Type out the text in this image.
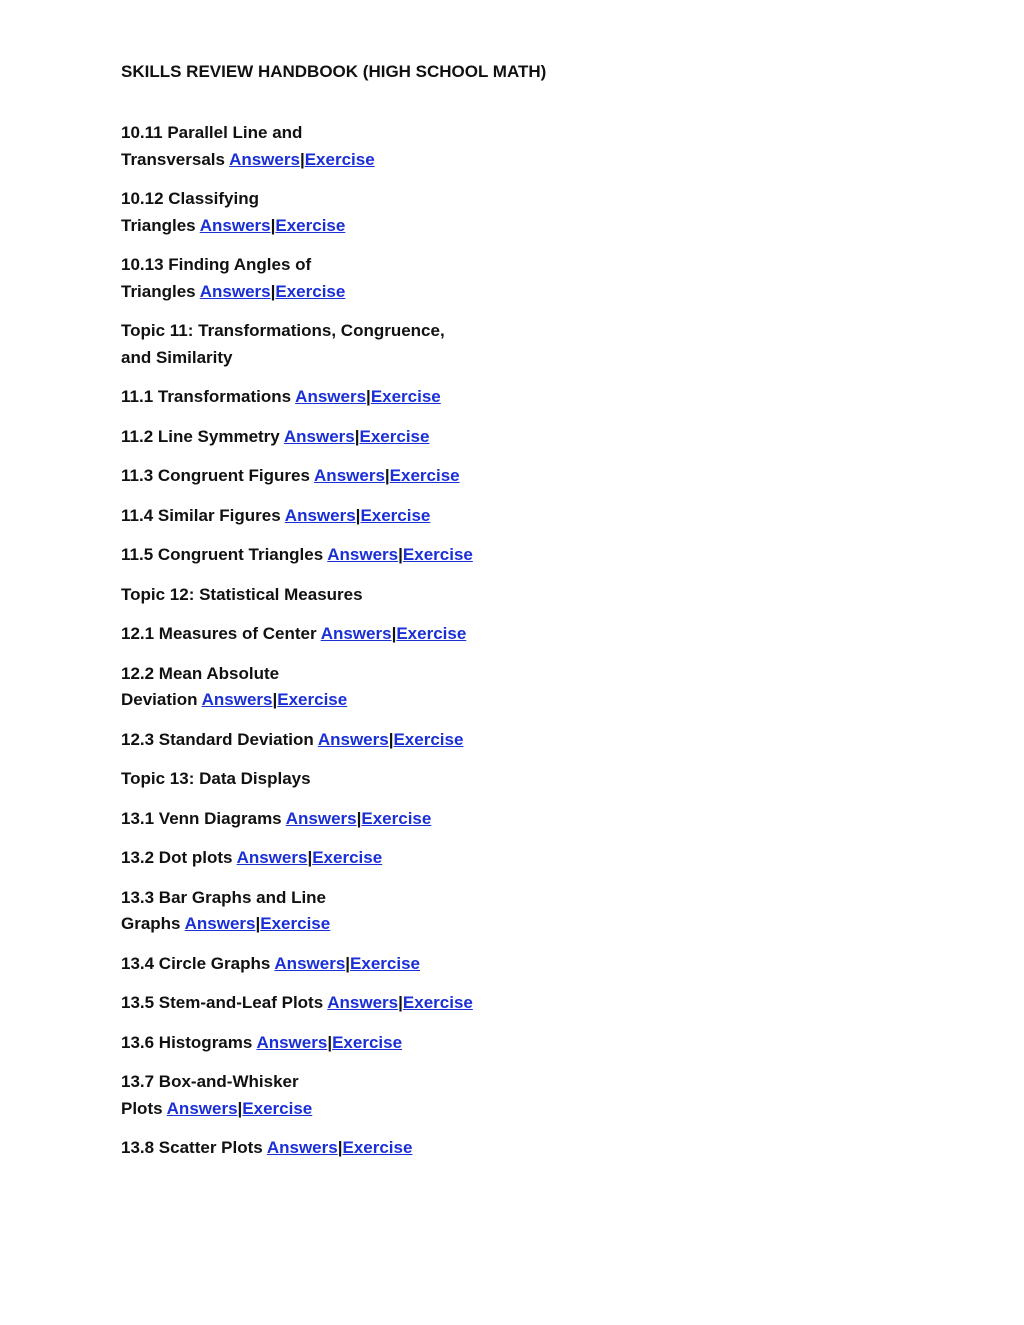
SKILLS REVIEW HANDBOOK (HIGH SCHOOL MATH)
10.11 Parallel Line and
Transversals Answers|Exercise
10.12 Classifying
Triangles Answers|Exercise
10.13 Finding Angles of
Triangles Answers|Exercise
Topic 11: Transformations, Congruence,
and Similarity
11.1 Transformations Answers|Exercise
11.2 Line Symmetry Answers|Exercise
11.3 Congruent Figures Answers|Exercise
11.4 Similar Figures Answers|Exercise
11.5 Congruent Triangles Answers|Exercise
Topic 12: Statistical Measures
12.1 Measures of Center Answers|Exercise
12.2 Mean Absolute
Deviation Answers|Exercise
12.3 Standard Deviation Answers|Exercise
Topic 13: Data Displays
13.1 Venn Diagrams Answers|Exercise
13.2 Dot plots Answers|Exercise
13.3 Bar Graphs and Line
Graphs Answers|Exercise
13.4 Circle Graphs Answers|Exercise
13.5 Stem-and-Leaf Plots Answers|Exercise
13.6 Histograms Answers|Exercise
13.7 Box-and-Whisker
Plots Answers|Exercise
13.8 Scatter Plots Answers|Exercise
